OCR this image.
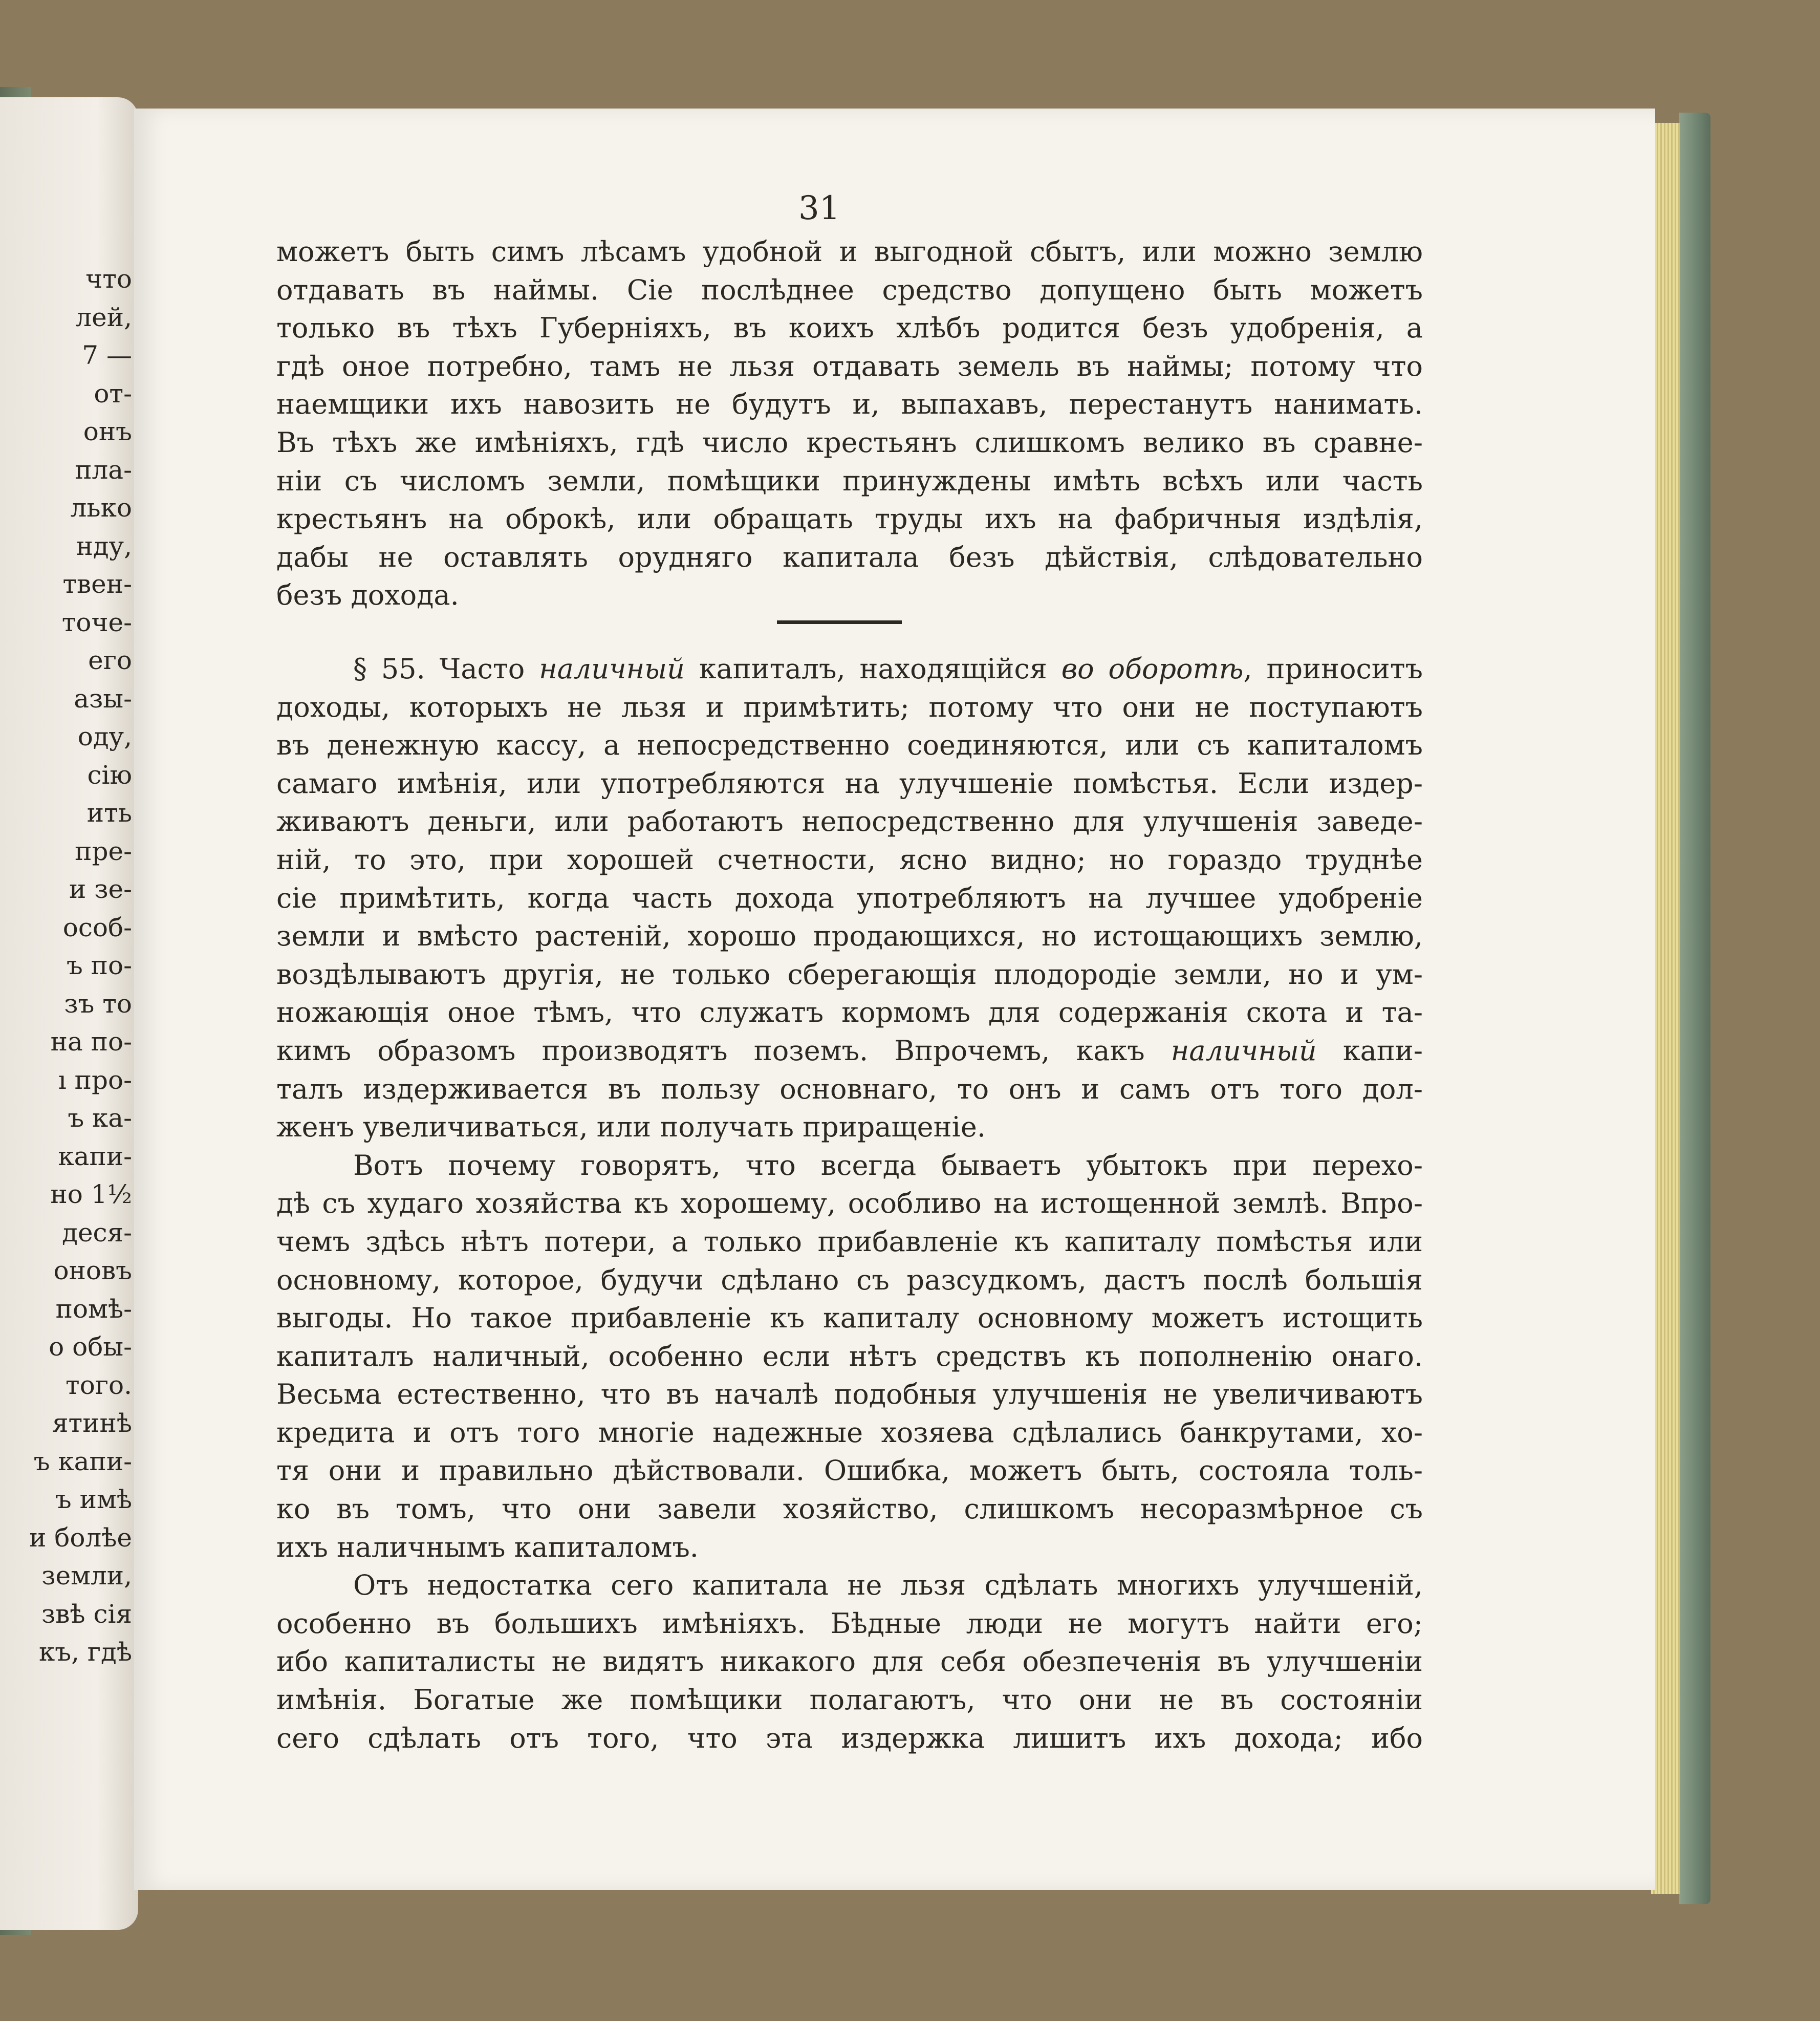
что
лей,
7 —
от-
онъ
пла-
лько
нду,
твен-
точе-
его
азы-
оду,
сію
ить
пре-
и зе-
особ-
ъ по-
зъ то
на по-
ı про-
ъ ка-
капи-
но 1½
деся-
оновъ
помѣ-
о обы-
того.
ятинѣ
ъ капи-
ъ имѣ
и болѣе
земли,
звѣ сія
къ, гдѣ
31
можетъ быть симъ лѣсамъ удобной и выгодной сбытъ, или можно землю
отдавать въ наймы. Сіе послѣднее средство допущено быть можетъ
только въ тѣхъ Губерніяхъ, въ коихъ хлѣбъ родится безъ удобренія, а
гдѣ оное потребно, тамъ не льзя отдавать земель въ наймы; потому что
наемщики ихъ навозить не будутъ и, выпахавъ, перестанутъ нанимать.
Въ тѣхъ же имѣніяхъ, гдѣ число крестьянъ слишкомъ велико въ сравне-
ніи съ числомъ земли, помѣщики принуждены имѣть всѣхъ или часть
крестьянъ на оброкѣ, или обращать труды ихъ на фабричныя издѣлія,
дабы не оставлять орудняго капитала безъ дѣйствія, слѣдовательно
безъ дохода.
§ 55. Часто наличный капиталъ, находящійся во оборотѣ, приноситъ
доходы, которыхъ не льзя и примѣтить; потому что они не поступаютъ
въ денежную кассу, а непосредственно соединяются, или съ капиталомъ
самаго имѣнія, или употребляются на улучшеніе помѣстья. Если издер-
живаютъ деньги, или работаютъ непосредственно для улучшенія заведе-
ній, то это, при хорошей счетности, ясно видно; но гораздо труднѣе
сіе примѣтить, когда часть дохода употребляютъ на лучшее удобреніе
земли и вмѣсто растеній, хорошо продающихся, но истощающихъ землю,
воздѣлываютъ другія, не только сберегающія плодородіе земли, но и ум-
ножающія оное тѣмъ, что служатъ кормомъ для содержанія скота и та-
кимъ образомъ производятъ поземъ. Впрочемъ, какъ наличный капи-
талъ издерживается въ пользу основнаго, то онъ и самъ отъ того дол-
женъ увеличиваться, или получать приращеніе.
Вотъ почему говорятъ, что всегда бываетъ убытокъ при перехо-
дѣ съ худаго хозяйства къ хорошему, особливо на истощенной землѣ. Впро-
чемъ здѣсь нѣтъ потери, а только прибавленіе къ капиталу помѣстья или
основному, которое, будучи сдѣлано съ разсудкомъ, дастъ послѣ большія
выгоды. Но такое прибавленіе къ капиталу основному можетъ истощить
капиталъ наличный, особенно если нѣтъ средствъ къ пополненію онаго.
Весьма естественно, что въ началѣ подобныя улучшенія не увеличиваютъ
кредита и отъ того многіе надежные хозяева сдѣлались банкрутами, хо-
тя они и правильно дѣйствовали. Ошибка, можетъ быть, состояла толь-
ко въ томъ, что они завели хозяйство, слишкомъ несоразмѣрное съ
ихъ наличнымъ капиталомъ.
Отъ недостатка сего капитала не льзя сдѣлать многихъ улучшеній,
особенно въ большихъ имѣніяхъ. Бѣдные люди не могутъ найти его;
ибо капиталисты не видятъ никакого для себя обезпеченія въ улучшеніи
имѣнія. Богатые же помѣщики полагаютъ, что они не въ состояніи
сего сдѣлать отъ того, что эта издержка лишитъ ихъ дохода; ибо
